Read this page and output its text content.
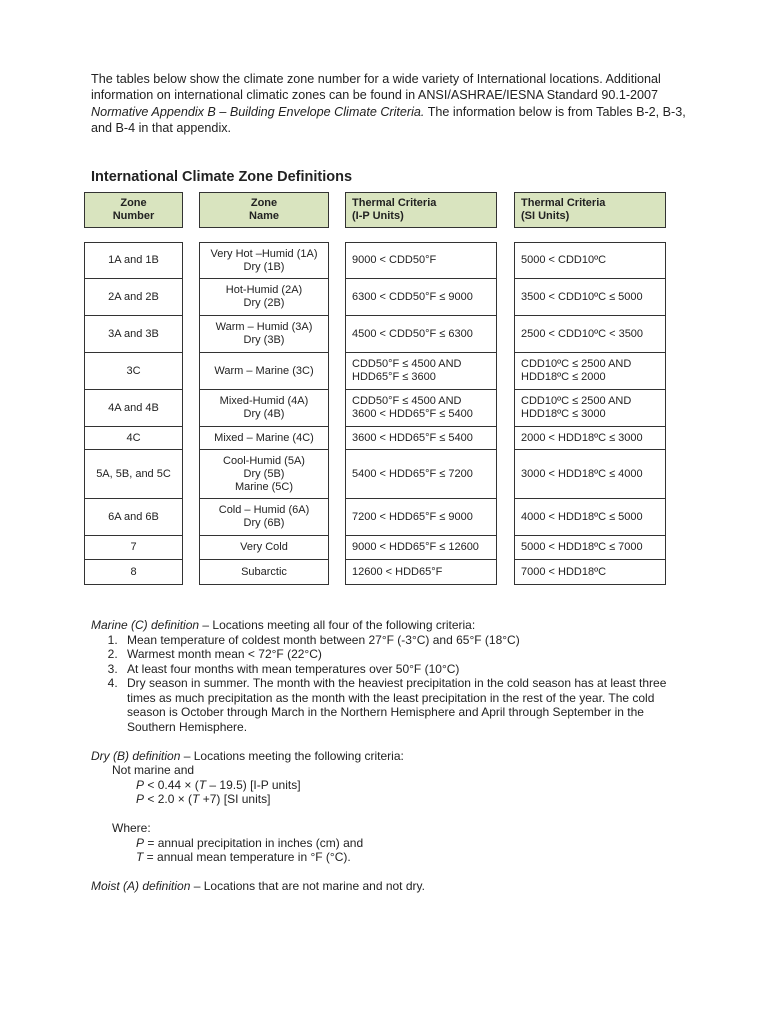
The tables below show the climate zone number for a wide variety of International locations. Additional information on international climatic zones can be found in ANSI/ASHRAE/IESNA Standard 90.1-2007 Normative Appendix B – Building Envelope Climate Criteria. The information below is from Tables B-2, B-3, and B-4 in that appendix.
International Climate Zone Definitions
Zone
Number
Zone
Name
Thermal Criteria
(I-P Units)
Thermal Criteria
(SI Units)
1A and 1B
2A and 2B
3A and 3B
3C
4A and 4B
4C
5A, 5B, and 5C
6A and 6B
7
8
Very Hot –Humid (1A)
Dry (1B)
Hot-Humid (2A)
Dry (2B)
Warm – Humid (3A)
Dry (3B)
Warm – Marine (3C)
Mixed-Humid (4A)
Dry (4B)
Mixed – Marine (4C)
Cool-Humid (5A)
Dry (5B)
Marine (5C)
Cold – Humid (6A)
Dry (6B)
Very Cold
Subarctic
9000 < CDD50°F
6300 < CDD50°F ≤ 9000
4500 < CDD50°F ≤ 6300
CDD50°F ≤ 4500 AND
HDD65°F ≤ 3600
CDD50°F ≤ 4500 AND
3600 < HDD65°F ≤ 5400
3600 < HDD65°F ≤ 5400
5400 < HDD65°F ≤ 7200
7200 < HDD65°F ≤ 9000
9000 < HDD65°F ≤ 12600
12600 < HDD65°F
5000 < CDD10ºC
3500 < CDD10ºC ≤ 5000
2500 < CDD10ºC < 3500
CDD10ºC ≤ 2500 AND
HDD18ºC ≤ 2000
CDD10ºC ≤ 2500 AND
HDD18ºC ≤ 3000
2000 < HDD18ºC ≤ 3000
3000 < HDD18ºC ≤ 4000
4000 < HDD18ºC ≤ 5000
5000 < HDD18ºC ≤ 7000
7000 < HDD18ºC

Marine (C) definition – Locations meeting all four of the following criteria:

1. Mean temperature of coldest month between 27°F (-3°C) and 65°F (18°C)
2. Warmest month mean < 72°F (22°C)
3. At least four months with mean temperatures over 50°F (10°C)
4. Dry season in summer. The month with the heaviest precipitation in the cold season has at least three times as much precipitation as the month with the least precipitation in the rest of the year. The cold season is October through March in the Northern Hemisphere and April through September in the Southern Hemisphere.

Dry (B) definition – Locations meeting the following criteria:

Not marine and

P < 0.44 × (T – 19.5) [I-P units]

P < 2.0 × (T +7) [SI units]

Where:

P = annual precipitation in inches (cm) and

T = annual mean temperature in °F (°C).

Moist (A) definition – Locations that are not marine and not dry.
